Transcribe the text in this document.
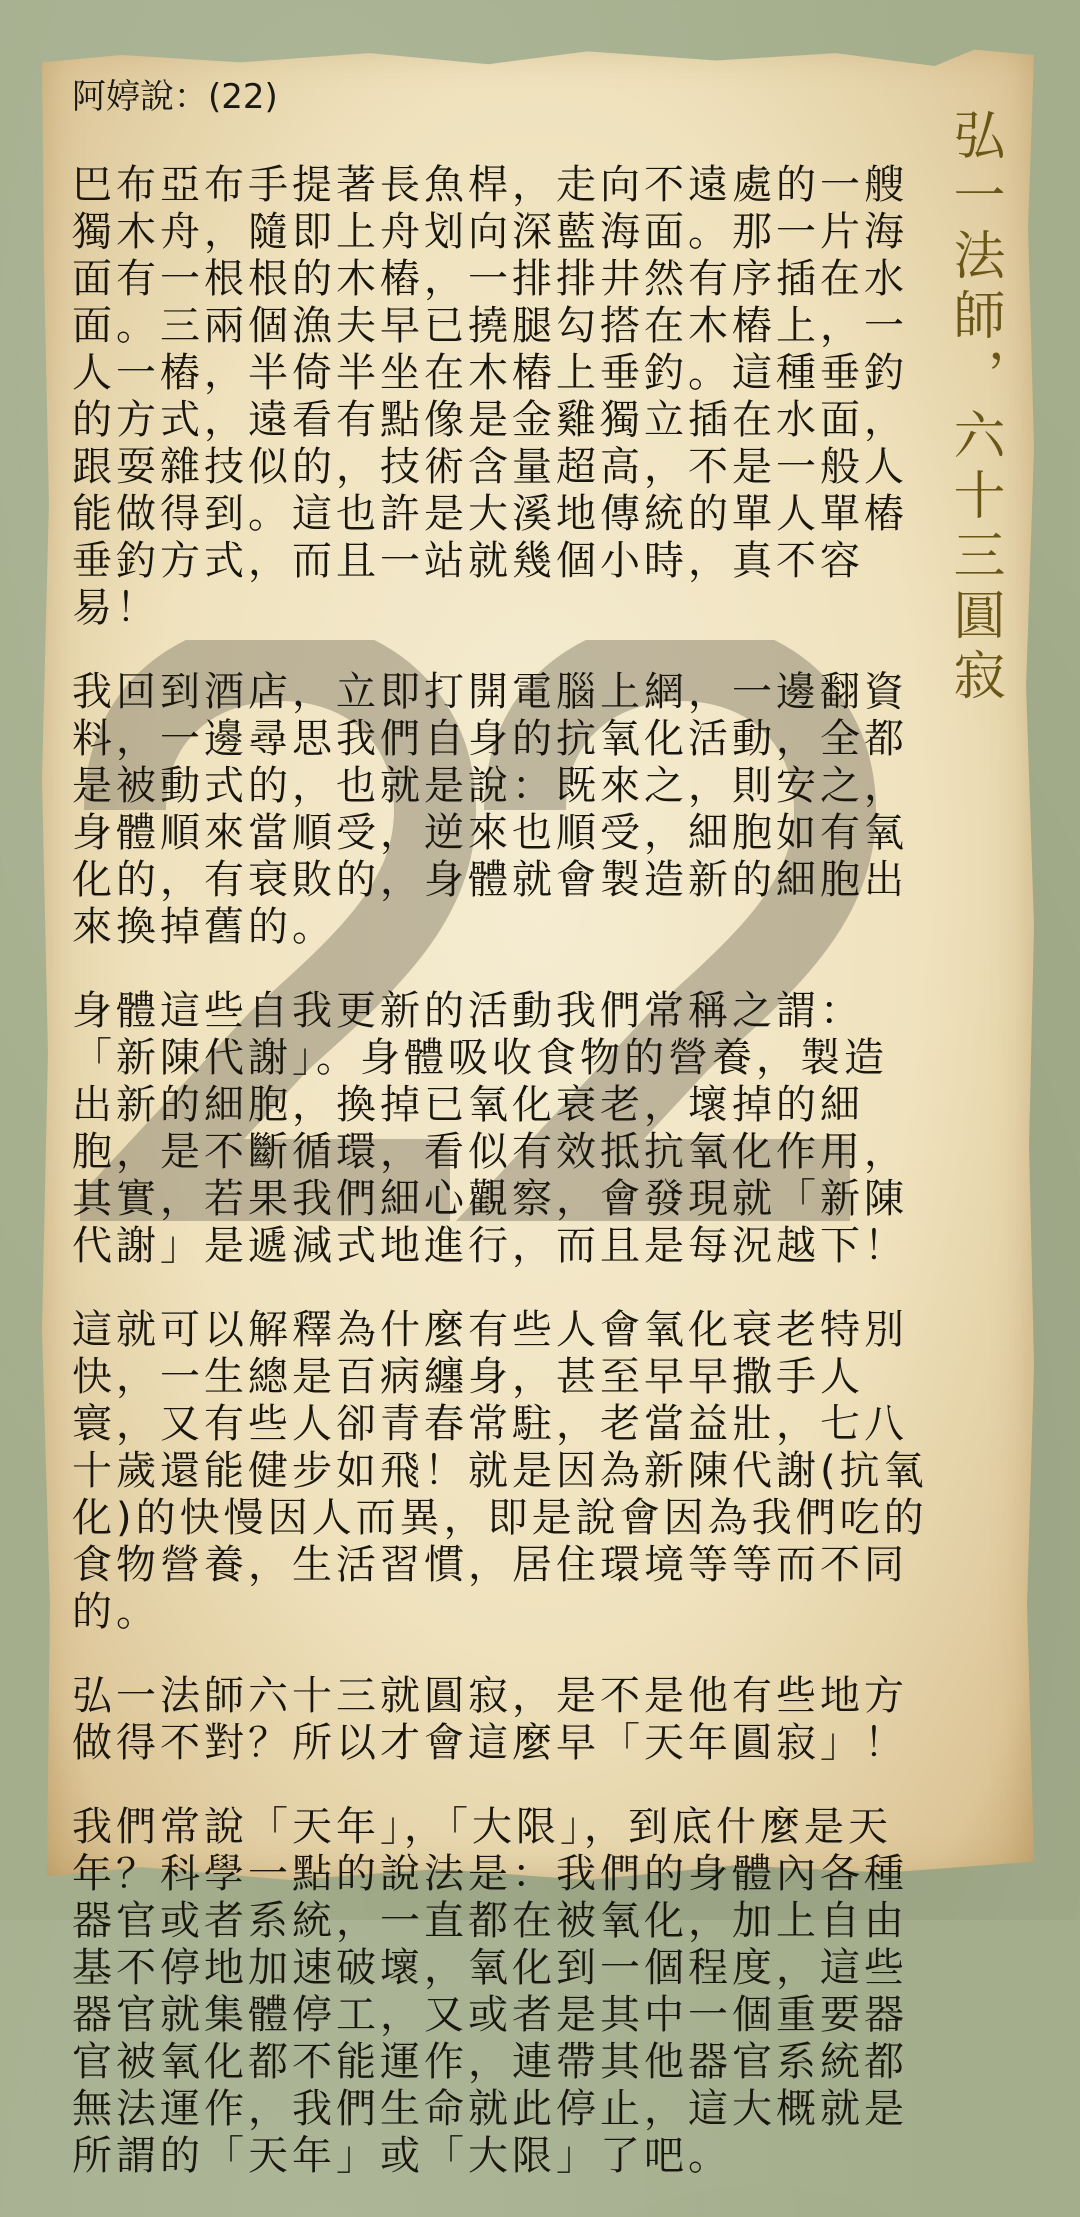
阿婷說：(22)

巴布亞布手提著長魚桿，走向不遠處的一艘獨木舟，隨即上舟划向深藍海面。那一片海面有一根根的木樁，一排排井然有序插在水面。三兩個漁夫早已撓腿勾搭在木樁上，一人一樁，半倚半坐在木樁上垂釣。這種垂釣的方式，遠看有點像是金雞獨立插在水面，跟耍雜技似的，技術含量超高，不是一般人能做得到。這也許是大溪地傳統的單人單樁垂釣方式，而且一站就幾個小時，真不容易！

我回到酒店，立即打開電腦上網，一邊翻資料，一邊尋思我們自身的抗氧化活動，全都是被動式的，也就是說：既來之，則安之，身體順來當順受，逆來也順受，細胞如有氧化的，有衰敗的，身體就會製造新的細胞出來換掉舊的。

身體這些自我更新的活動我們常稱之謂：「新陳代謝」。身體吸收食物的營養，製造出新的細胞，換掉已氧化衰老，壞掉的細胞，是不斷循環，看似有效抵抗氧化作用，其實，若果我們細心觀察，會發現就「新陳代謝」是遞減式地進行，而且是每況越下！

這就可以解釋為什麼有些人會氧化衰老特別快，一生總是百病纏身，甚至早早撒手人寰，又有些人卻青春常駐，老當益壯，七八十歲還能健步如飛！就是因為新陳代謝(抗氧化)的快慢因人而異，即是說會因為我們吃的食物營養，生活習慣，居住環境等等而不同的。

弘一法師六十三就圓寂，是不是他有些地方做得不對？所以才會這麼早「天年圓寂」！

我們常說「天年」，「大限」，到底什麼是天年？科學一點的說法是：我們的身體內各種器官或者系統，一直都在被氧化，加上自由基不停地加速破壞，氧化到一個程度，這些器官就集體停工，又或者是其中一個重要器官被氧化都不能運作，連帶其他器官系統都無法運作，我們生命就此停止，這大概就是所謂的「天年」或「大限」了吧。

弘一法師，六十三圓寂
